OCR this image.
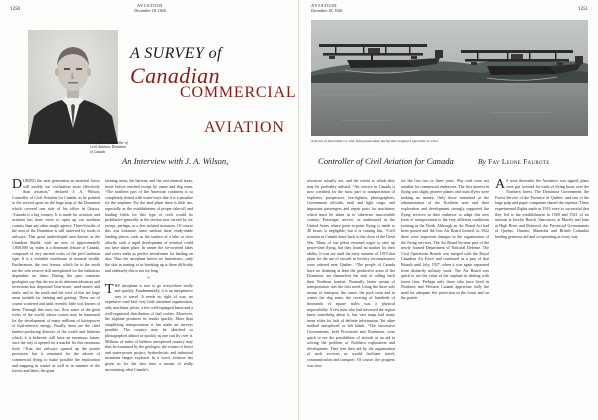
1250
AVIATION
December 18, 1926
J. A. Wilson, Controller of Civil Aviation, Dominion of Canada
A SURVEY of Canadian
COMMERCIAL
AVIATION
DURING the next generation no material factor will modify our civilization more effectively than aviation,” declared J. A. Wilson, Controller of Civil Aviation for Canada, as he pointed to the several spots on the large map of the Dominion which covered one side of his office in Ottawa. “Canada is a big country. It is made for aviation, and aviation has done more to open up our northern country than any other single agency. Three-fourths of the area of the Dominion is still unserved by roads or railways. That great undeveloped area known as the Canadian Shield, with an area of approximately 1,800,000 sq. miles is a dominant feature of Canada, composed of very ancient rocks of the pre-Cambrian type. It is a veritable storehouse of mineral wealth. Furthermore, the vast forests, which lie to the north are the sole reserve still unexploited for the industries dependent on them. During the past centuries geologists say that the sea in its alternate advances and recessions has deposited lime-stone, sand-stones and shale, and to the south and the west of this are large areas suitable for farming and grazing. These are of course scattered and until recently little was known of them. Through this area, too, flow some of the great rivers of the world, whose waters may be harnessed for the development of many millions of horsepower of hydroelectric energy. Finally, there are the chief lumber-producing districts of the world and fisheries which, it is believed, will have an enormous future, once the way is opened for a market for this enormous food. “True, the railways opened up the prairie provinces, but it remained for the advent of commercial flying to make possible the exploration and mapping in winter as well as in summer of the forests and lakes, the great
farming areas, the barrens, and the vast mineral areas, never before reached except by canoe and dog team. “The northern part of the American continent is so completely dotted with water-ways that it is a paradise for the seaplane. For the land plane there is little use, especially as the establishment of proper take-off and landing fields for this type of craft would be prohibitive generally in the section now served by air, except, perhaps, in a few isolated instances. Of course this was fortunate, since without these ready-made landing places, such as the surface of a lake or river affords, such a rapid development of aviation could not have taken place. In winter the ice-covered lakes and rivers make as perfect aerodromes for landing on skis. Thus the aeroplane knows no limitations—only the skis in turning or in breaking up is there difficulty and ordinarily this is not for long.
✳
T HE aeroplane is true to go everywhere easily and quickly. Fundamentally, it is an inexpensive way to travel. It needs no right of way, no expensive road bed, very little attendant organization, only machines, pilots, a few well-equipped bases and a well-organized distribution of fuel caches. Moreover, the airplane produces its results quickly. More than simplifying transportation, it has made air surveys possible. The country may be sketched or photographed almost as quickly as one can fly over it. Millions of miles of hitherto unexplored country may thus be examined by the geologist, the cruiser of forest and water-power project, hydroelectric and industrial mountain ranges explored. In a word, aviation has given us for the first time a means of really ascertaining what Canada’s
AVIATION
December 18, 1926	1251
A picture of Laurentide Co. Ltd., flying boats taken during that company’s operations in 1924
resources actually are, and the extent to which they may be profitably utilized. “Air service in Canada is now confined for the most part to transportation of explorers, prospectors, fire-fighters, photographers, Government officials, mail and light cargo, and important passengers and repair parts for machinery which must be taken in to otherwise inaccessible country. Passenger service, as understood in the United States where point-to-point flying is made to 48 hours, is negligible; but it is coming fast. “Civil aviation in Canada dates back to the close of the Great War. Many of our pilots returned eager to take up peace-time flying, but they found no market for their ability. It was not until the early summer of 1919 that plans for the use of aircraft in forestry reconnaissance were ordered near Quebec. “The people of Canada have no doubting at least the productive areas of the Dominion, are themselves the task of rolling back their Northern frontier. Normally, better means of transportation was the first need. Using the three sole means of transport, the canoe, the pack train and in winter the dog team, the covering of hundreds of thousands of square miles was a physical impossibility. A few men who had traversed the region knew something about it, but vast maps had many areas white for lack of definite information. Yet other marked unexplored or left blank. “The successive Governments, both Provincial and Dominion, were quick to see the possibilities of aircraft as an aid in solving the problem of Northern exploration and development. They lent their aid by the organization of such services as would facilitate travel, communication and transport. Of course, the progress was slow
for the first two or three years. War craft were not suitable for commercial endeavors. The first interest in flying was slight, pioneer planes and stunt flyers were making no money. Only those interested in the administration of the Northern area and their exploration and development strongly supported the flying services in their endeavor to adapt this new form of transportation to the very different conditions existing in the North. Although an Air Board Act had been passed and the first Air Board formed, in 1922 there were important changes in the organization of the flying services. The Air Board became part of the newly formed Department of National Defense. The Civil Operations Branch was merged with the Royal Canadian Air Force and continued as a part of that Branch until July, 1927, when it was again separated from distinctly military work. The Air Board was quick to see the value of the airplane in dealing with forest fires. Perhaps only those who have lived in Northern and Western Canada appreciate fully the need for adequate fire protection in the forest and on the prairie.
A S soon thereafter the Armistice was signed, plans were put forward for trials of flying boats over the Northern forest. The Dominion Government, the Forest Service of the Province of Quebec, and one of the large pulp and paper companies shared the expense. These experimental flights made in 1919 were so successful that they led to the establishment in 1920 and 1921 of air stations at Jericho Beach, Vancouver, at Morely and later at High River and Roberval, the Provincial Governments of Quebec, Ontario, Manitoba and British Columbia lending generous aid and co-operating in every way
An Interview with J. A. Wilson,	Controller of Civil Aviation for Canada	By Fay Leone Faurote
